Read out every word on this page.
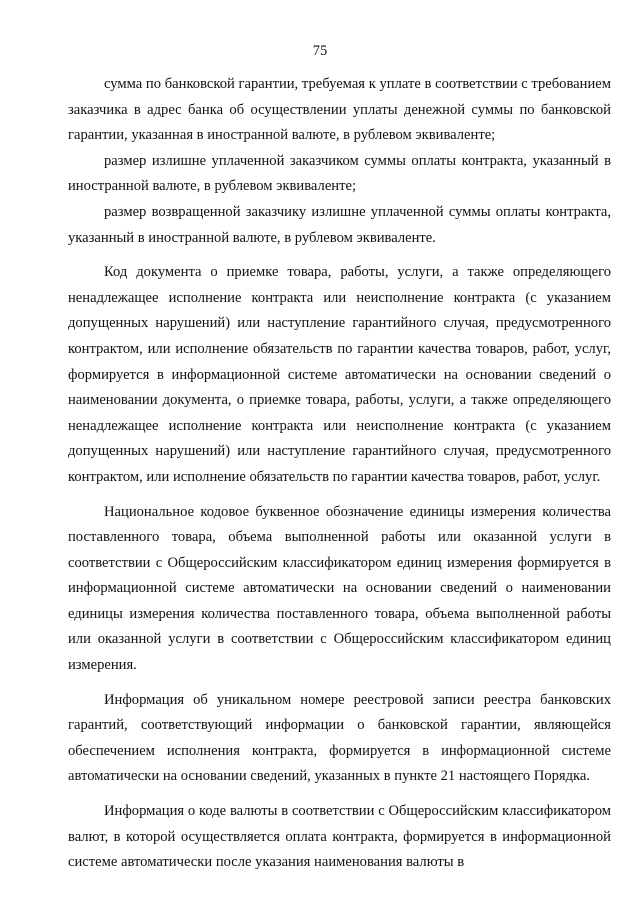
75

сумма по банковской гарантии, требуемая к уплате в соответствии с требованием заказчика в адрес банка об осуществлении уплаты денежной суммы по банковской гарантии, указанная в иностранной валюте, в рублевом эквиваленте;

размер излишне уплаченной заказчиком суммы оплаты контракта, указанный в иностранной валюте, в рублевом эквиваленте;

размер возвращенной заказчику излишне уплаченной суммы оплаты контракта, указанный в иностранной валюте, в рублевом эквиваленте.

Код документа о приемке товара, работы, услуги, а также определяющего ненадлежащее исполнение контракта или неисполнение контракта (с указанием допущенных нарушений) или наступление гарантийного случая, предусмотренного контрактом, или исполнение обязательств по гарантии качества товаров, работ, услуг, формируется в информационной системе автоматически на основании сведений о наименовании документа, о приемке товара, работы, услуги, а также определяющего ненадлежащее исполнение контракта или неисполнение контракта (с указанием допущенных нарушений) или наступление гарантийного случая, предусмотренного контрактом, или исполнение обязательств по гарантии качества товаров, работ, услуг.

Национальное кодовое буквенное обозначение единицы измерения количества поставленного товара, объема выполненной работы или оказанной услуги в соответствии с Общероссийским классификатором единиц измерения формируется в информационной системе автоматически на основании сведений о наименовании единицы измерения количества поставленного товара, объема выполненной работы или оказанной услуги в соответствии с Общероссийским классификатором единиц измерения.

Информация об уникальном номере реестровой записи реестра банковских гарантий, соответствующий информации о банковской гарантии, являющейся обеспечением исполнения контракта, формируется в информационной системе автоматически на основании сведений, указанных в пункте 21 настоящего Порядка.

Информация о коде валюты в соответствии с Общероссийским классификатором валют, в которой осуществляется оплата контракта, формируется в информационной системе автоматически после указания наименования валюты в
